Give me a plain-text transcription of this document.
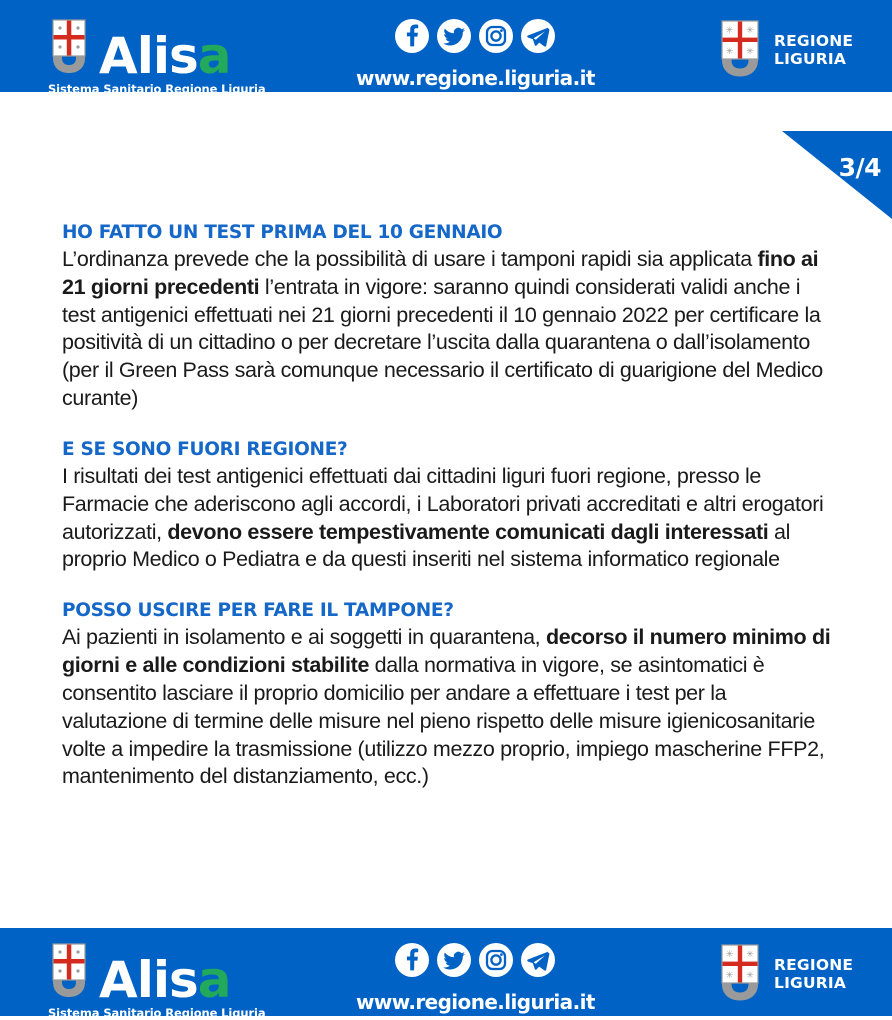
Alisa
Sistema Sanitario Regione Liguria	www.regione.liguria.it
✳ ✳
✳ ✳
REGIONE
LIGURIA
3/4
HO FATTO UN TEST PRIMA DEL 10 GENNAIO

L’ordinanza prevede che la possibilità di usare i tamponi rapidi sia applicata fino ai 21 giorni precedenti l’entrata in vigore: saranno quindi considerati validi anche i test antigenici effettuati nei 21 giorni precedenti il 10 gennaio 2022 per certificare la positività di un cittadino o per decretare l’uscita dalla quarantena o dall’isolamento (per il Green Pass sarà comunque necessario il certificato di guarigione del Medico curante)

E SE SONO FUORI REGIONE?

I risultati dei test antigenici effettuati dai cittadini liguri fuori regione, presso le Farmacie che aderiscono agli accordi, i Laboratori privati accreditati e altri erogatori autorizzati, devono essere tempestivamente comunicati dagli interessati al proprio Medico o Pediatra e da questi inseriti nel sistema informatico regionale

POSSO USCIRE PER FARE IL TAMPONE?

Ai pazienti in isolamento e ai soggetti in quarantena, decorso il numero minimo di giorni e alle condizioni stabilite dalla normativa in vigore, se asintomatici è consentito lasciare il proprio domicilio per andare a effettuare i test per la valutazione di termine delle misure nel pieno rispetto delle misure igienicosanitarie volte a impedire la trasmissione (utilizzo mezzo proprio, impiego mascherine FFP2, mantenimento del distanziamento, ecc.)

Alisa
Sistema Sanitario Regione Liguria	www.regione.liguria.it
✳ ✳
✳ ✳
REGIONE
LIGURIA
